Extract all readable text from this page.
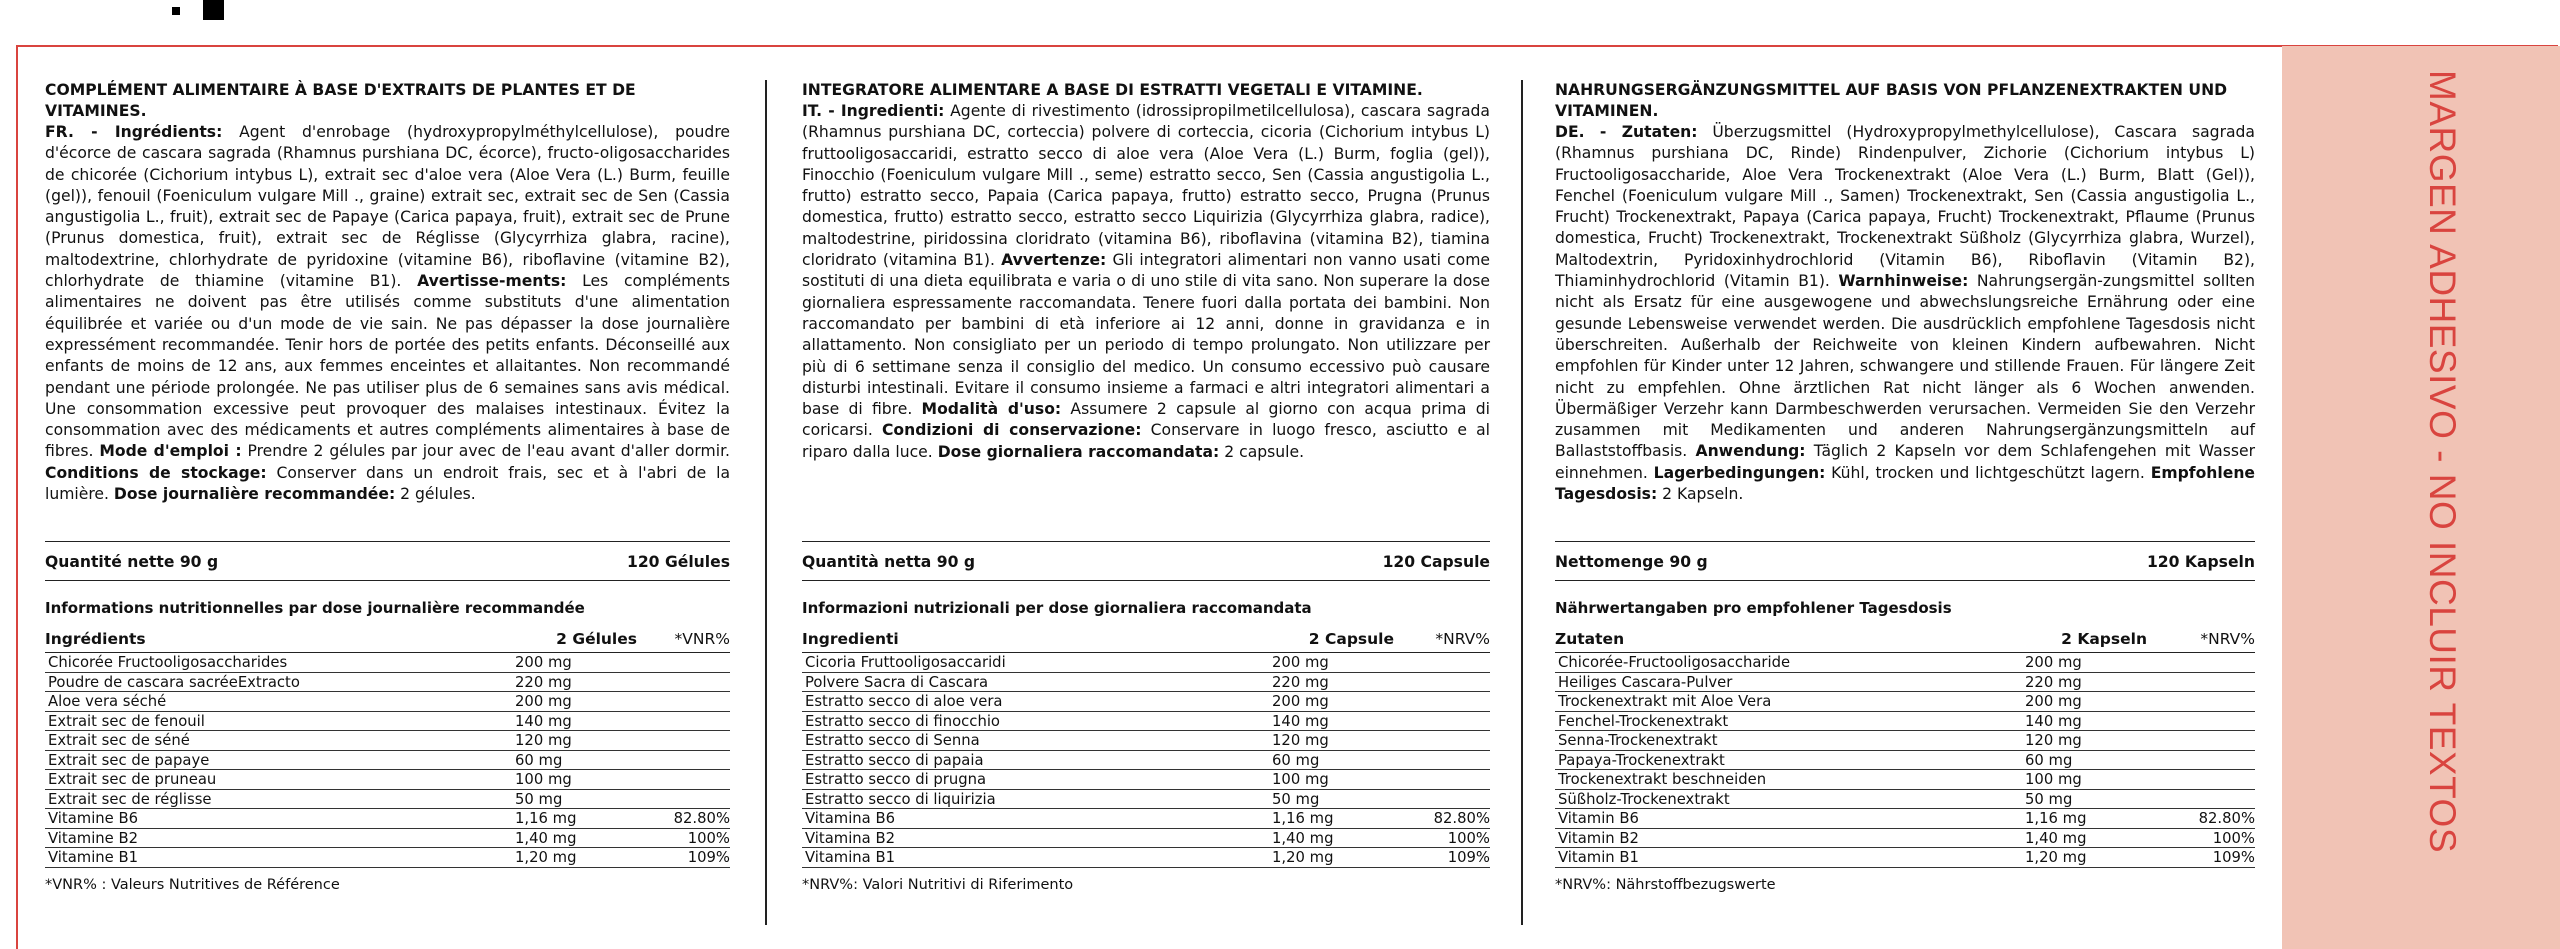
MARGEN ADHESIVO - NO INCLUIR TEXTOS

COMPLÉMENT ALIMENTAIRE À BASE D'EXTRAITS DE PLANTES ET DE VITAMINES.

FR. - Ingrédients: Agent d'enrobage (hydroxypropylméthylcellulose), poudre d'écorce de cascara sagrada (Rhamnus purshiana DC, écorce), fructo-oligosaccharides de chicorée (Cichorium intybus L), extrait sec d'aloe vera (Aloe Vera (L.) Burm, feuille (gel)), fenouil (Foeniculum vulgare Mill ., graine) extrait sec, extrait sec de Sen (Cassia angustigolia L., fruit), extrait sec de Papaye (Carica papaya, fruit), extrait sec de Prune (Prunus domestica, fruit), extrait sec de Réglisse (Glycyrrhiza glabra, racine), maltodextrine, chlorhydrate de pyridoxine (vitamine B6), riboflavine (vitamine B2), chlorhydrate de thiamine (vitamine B1). Avertisse-ments: Les compléments alimentaires ne doivent pas être utilisés comme substituts d'une alimentation équilibrée et variée ou d'un mode de vie sain. Ne pas dépasser la dose journalière expressément recommandée. Tenir hors de portée des petits enfants. Déconseillé aux enfants de moins de 12 ans, aux femmes enceintes et allaitantes. Non recommandé pendant une période prolongée. Ne pas utiliser plus de 6 semaines sans avis médical. Une consommation excessive peut provoquer des malaises intestinaux. Évitez la consommation avec des médicaments et autres compléments alimentaires à base de fibres. Mode d'emploi : Prendre 2 gélules par jour avec de l'eau avant d'aller dormir. Conditions de stockage: Conserver dans un endroit frais, sec et à l'abri de la lumière. Dose journalière recommandée: 2 gélules.

Quantité nette 90 g	120 Gélules
Informations nutritionnelles par dose journalière recommandée
Ingrédients	2 Gélules	*VNR%
Chicorée Fructooligosaccharides	200 mg
Poudre de cascara sacréeExtracto	220 mg
Aloe vera séché	200 mg
Extrait sec de fenouil	140 mg
Extrait sec de séné	120 mg
Extrait sec de papaye	60 mg
Extrait sec de pruneau	100 mg
Extrait sec de réglisse	50 mg
Vitamine B6	1,16 mg	82.80%
Vitamine B2	1,40 mg	100%
Vitamine B1	1,20 mg	109%
*VNR% : Valeurs Nutritives de Référence

INTEGRATORE ALIMENTARE A BASE DI ESTRATTI VEGETALI E VITAMINE.

IT. - Ingredienti: Agente di rivestimento (idrossipropilmetilcellulosa), cascara sagrada (Rhamnus purshiana DC, corteccia) polvere di corteccia, cicoria (Cichorium intybus L) fruttooligosaccaridi, estratto secco di aloe vera (Aloe Vera (L.) Burm, foglia (gel)), Finocchio (Foeniculum vulgare Mill ., seme) estratto secco, Sen (Cassia angustigolia L., frutto) estratto secco, Papaia (Carica papaya, frutto) estratto secco, Prugna (Prunus domestica, frutto) estratto secco, estratto secco Liquirizia (Glycyrrhiza glabra, radice), maltodestrine, piridossina cloridrato (vitamina B6), riboflavina (vitamina B2), tiamina cloridrato (vitamina B1). Avvertenze: Gli integratori alimentari non vanno usati come sostituti di una dieta equilibrata e varia o di uno stile di vita sano. Non superare la dose giornaliera espressamente raccomandata. Tenere fuori dalla portata dei bambini. Non raccomandato per bambini di età inferiore ai 12 anni, donne in gravidanza e in allattamento. Non consigliato per un periodo di tempo prolungato. Non utilizzare per più di 6 settimane senza il consiglio del medico. Un consumo eccessivo può causare disturbi intestinali. Evitare il consumo insieme a farmaci e altri integratori alimentari a base di fibre. Modalità d'uso: Assumere 2 capsule al giorno con acqua prima di coricarsi. Condizioni di conservazione: Conservare in luogo fresco, asciutto e al riparo dalla luce. Dose giornaliera raccomandata: 2 capsule.

Quantità netta 90 g	120 Capsule
Informazioni nutrizionali per dose giornaliera raccomandata
Ingredienti	2 Capsule	*NRV%
Cicoria Fruttooligosaccaridi	200 mg
Polvere Sacra di Cascara	220 mg
Estratto secco di aloe vera	200 mg
Estratto secco di finocchio	140 mg
Estratto secco di Senna	120 mg
Estratto secco di papaia	60 mg
Estratto secco di prugna	100 mg
Estratto secco di liquirizia	50 mg
Vitamina B6	1,16 mg	82.80%
Vitamina B2	1,40 mg	100%
Vitamina B1	1,20 mg	109%
*NRV%: Valori Nutritivi di Riferimento

NAHRUNGSERGÄNZUNGSMITTEL AUF BASIS VON PFLANZENEXTRAKTEN UND VITAMINEN.

DE. - Zutaten: Überzugsmittel (Hydroxypropylmethylcellulose), Cascara sagrada (Rhamnus purshiana DC, Rinde) Rindenpulver, Zichorie (Cichorium intybus L) Fructooligosaccharide, Aloe Vera Trockenextrakt (Aloe Vera (L.) Burm, Blatt (Gel)), Fenchel (Foeniculum vulgare Mill ., Samen) Trockenextrakt, Sen (Cassia angustigolia L., Frucht) Trockenextrakt, Papaya (Carica papaya, Frucht) Trockenextrakt, Pflaume (Prunus domestica, Frucht) Trockenextrakt, Trockenextrakt Süßholz (Glycyrrhiza glabra, Wurzel), Maltodextrin, Pyridoxinhydrochlorid (Vitamin B6), Riboflavin (Vitamin B2), Thiaminhydrochlorid (Vitamin B1). Warnhinweise: Nahrungsergän-zungsmittel sollten nicht als Ersatz für eine ausgewogene und abwechslungsreiche Ernährung oder eine gesunde Lebensweise verwendet werden. Die ausdrücklich empfohlene Tagesdosis nicht überschreiten. Außerhalb der Reichweite von kleinen Kindern aufbewahren. Nicht empfohlen für Kinder unter 12 Jahren, schwangere und stillende Frauen. Für längere Zeit nicht zu empfehlen. Ohne ärztlichen Rat nicht länger als 6 Wochen anwenden. Übermäßiger Verzehr kann Darmbeschwerden verursachen. Vermeiden Sie den Verzehr zusammen mit Medikamenten und anderen Nahrungsergänzungsmitteln auf Ballaststoffbasis. Anwendung: Täglich 2 Kapseln vor dem Schlafengehen mit Wasser einnehmen. Lagerbedingungen: Kühl, trocken und lichtgeschützt lagern. Empfohlene Tagesdosis: 2 Kapseln.

Nettomenge 90 g	120 Kapseln
Nährwertangaben pro empfohlener Tagesdosis
Zutaten	2 Kapseln	*NRV%
Chicorée-Fructooligosaccharide	200 mg
Heiliges Cascara-Pulver	220 mg
Trockenextrakt mit Aloe Vera	200 mg
Fenchel-Trockenextrakt	140 mg
Senna-Trockenextrakt	120 mg
Papaya-Trockenextrakt	60 mg
Trockenextrakt beschneiden	100 mg
Süßholz-Trockenextrakt	50 mg
Vitamin B6	1,16 mg	82.80%
Vitamin B2	1,40 mg	100%
Vitamin B1	1,20 mg	109%
*NRV%: Nährstoffbezugswerte
